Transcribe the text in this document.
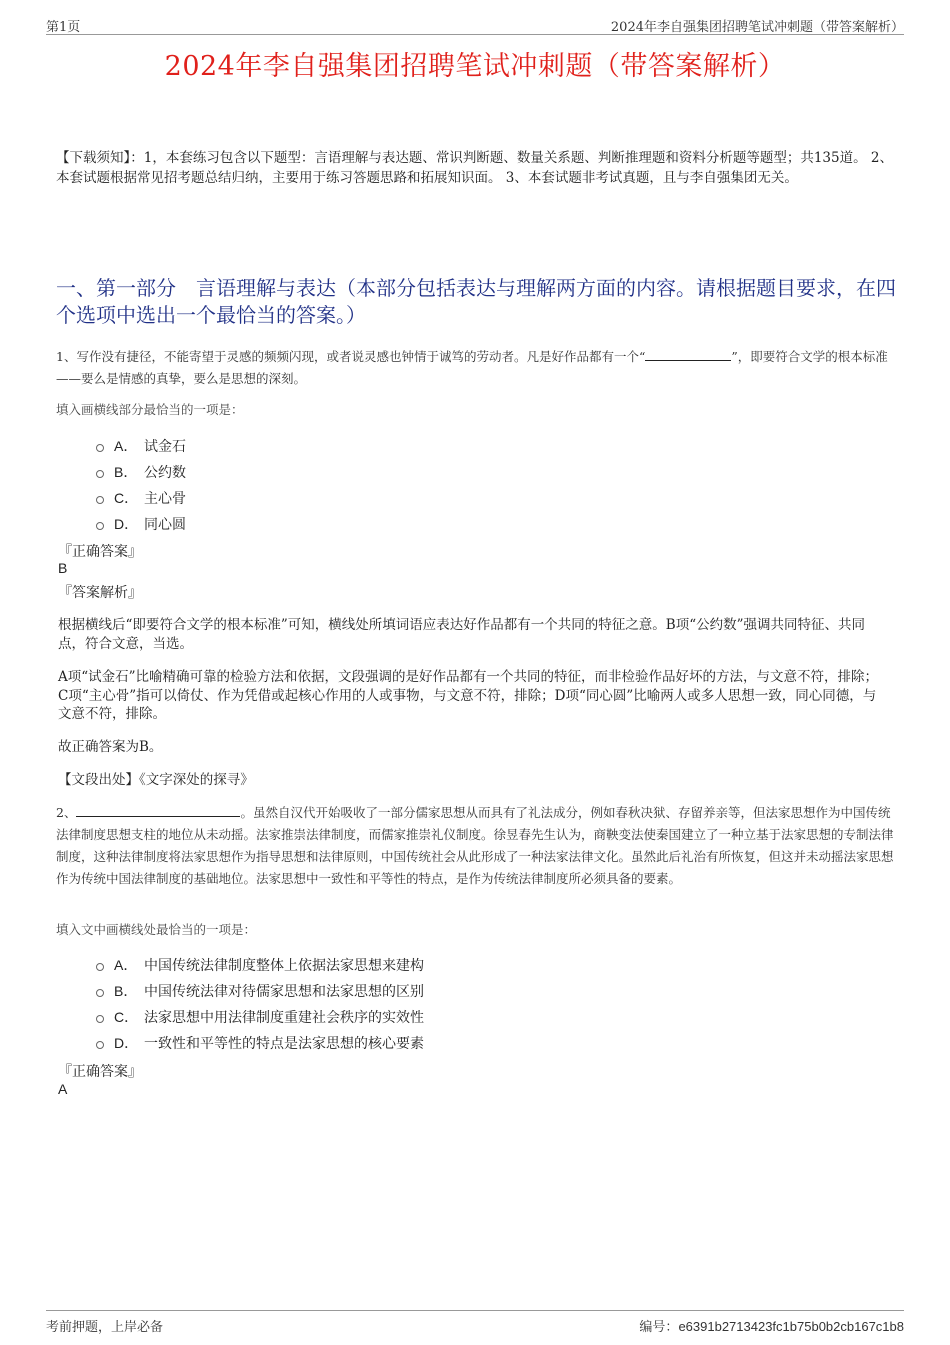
第1页	2024年李自强集团招聘笔试冲刺题（带答案解析）
2024年李自强集团招聘笔试冲刺题（带答案解析）
【下载须知】：1，本套练习包含以下题型：言语理解与表达题、常识判断题、数量关系题、判断推理题和资料分析题等题型；共135道。 2、本套试题根据常见招考题总结归纳，主要用于练习答题思路和拓展知识面。 3、本套试题非考试真题，且与李自强集团无关。
一、第一部分　言语理解与表达（本部分包括表达与理解两方面的内容。请根据题目要求，在四个选项中选出一个最恰当的答案。）
1、写作没有捷径，不能寄望于灵感的频频闪现，或者说灵感也钟情于诚笃的劳动者。凡是好作品都有一个“	”，即要符合文学的根本标准——要么是情感的真挚，要么是思想的深刻。
填入画横线部分最恰当的一项是：
A． 试金石
B． 公约数
C． 主心骨
D． 同心圆
『正确答案』
B
『答案解析』
根据横线后“即要符合文学的根本标准”可知，横线处所填词语应表达好作品都有一个共同的特征之意。B项“公约数”强调共同特征、共同点，符合文意，当选。
A项“试金石”比喻精确可靠的检验方法和依据，文段强调的是好作品都有一个共同的特征，而非检验作品好坏的方法，与文意不符，排除；C项“主心骨”指可以倚仗、作为凭借或起核心作用的人或事物，与文意不符，排除；D项“同心圆”比喻两人或多人思想一致，同心同德，与文意不符，排除。
故正确答案为B。
【文段出处】《文字深处的探寻》
2、	。虽然自汉代开始吸收了一部分儒家思想从而具有了礼法成分，例如春秋决狱、存留养亲等，但法家思想作为中国传统法律制度思想支柱的地位从未动摇。法家推崇法律制度，而儒家推崇礼仪制度。徐昱春先生认为，商鞅变法使秦国建立了一种立基于法家思想的专制法律制度，这种法律制度将法家思想作为指导思想和法律原则，中国传统社会从此形成了一种法家法律文化。虽然此后礼治有所恢复，但这并未动摇法家思想作为传统中国法律制度的基础地位。法家思想中一致性和平等性的特点，是作为传统法律制度所必须具备的要素。
填入文中画横线处最恰当的一项是：
A． 中国传统法律制度整体上依据法家思想来建构
B． 中国传统法律对待儒家思想和法家思想的区别
C． 法家思想中用法律制度重建社会秩序的实效性
D． 一致性和平等性的特点是法家思想的核心要素
『正确答案』
A
考前押题，上岸必备	编号：e6391b2713423fc1b75b0b2cb167c1b8
